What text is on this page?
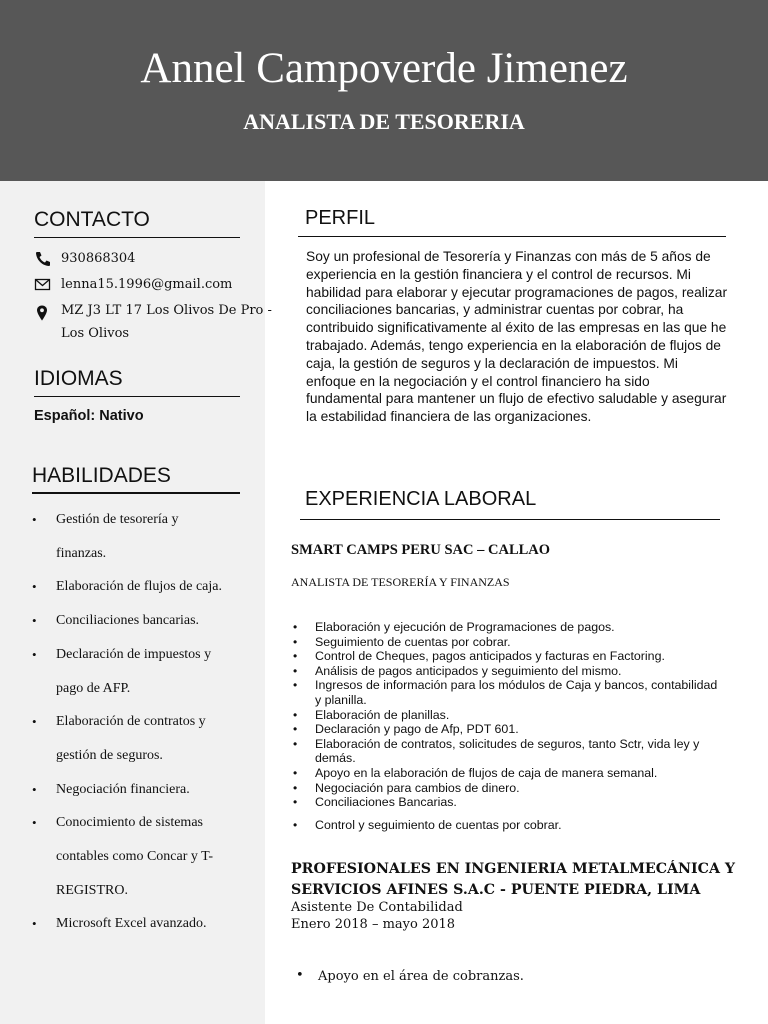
Annel Campoverde Jimenez
ANALISTA DE TESORERIA
CONTACTO
930868304
lenna15.1996@gmail.com
MZ J3 LT 17 Los Olivos De Pro -
Los Olivos
IDIOMAS
Español: Nativo
HABILIDADES
• Gestión de tesorería y
finanzas.
• Elaboración de flujos de caja.
• Conciliaciones bancarias.
• Declaración de impuestos y
pago de AFP.
• Elaboración de contratos y
gestión de seguros.
• Negociación financiera.
• Conocimiento de sistemas
contables como Concar y T-
REGISTRO.
• Microsoft Excel avanzado.
PERFIL
Soy un profesional de Tesorería y Finanzas con más de 5 años de experiencia en la gestión financiera y el control de recursos. Mi habilidad para elaborar y ejecutar programaciones de pagos, realizar conciliaciones bancarias, y administrar cuentas por cobrar, ha contribuido significativamente al éxito de las empresas en las que he trabajado. Además, tengo experiencia en la elaboración de flujos de caja, la gestión de seguros y la declaración de impuestos. Mi enfoque en la negociación y el control financiero ha sido fundamental para mantener un flujo de efectivo saludable y asegurar la estabilidad financiera de las organizaciones.
EXPERIENCIA LABORAL
SMART CAMPS PERU SAC – CALLAO
ANALISTA DE TESORERÍA Y FINANZAS
• Elaboración y ejecución de Programaciones de pagos.
• Seguimiento de cuentas por cobrar.
• Control de Cheques, pagos anticipados y facturas en Factoring.
• Análisis de pagos anticipados y seguimiento del mismo.
• Ingresos de información para los módulos de Caja y bancos, contabilidad y planilla.
• Elaboración de planillas.
• Declaración y pago de Afp, PDT 601.
• Elaboración de contratos, solicitudes de seguros, tanto Sctr, vida ley y demás.
• Apoyo en la elaboración de flujos de caja de manera semanal.
• Negociación para cambios de dinero.
• Conciliaciones Bancarias.
• Control y seguimiento de cuentas por cobrar.
PROFESIONALES EN INGENIERIA METALMECÁNICA Y SERVICIOS AFINES S.A.C - PUENTE PIEDRA, LIMA
Asistente De Contabilidad
Enero 2018 – mayo 2018
• Apoyo en el área de cobranzas.
